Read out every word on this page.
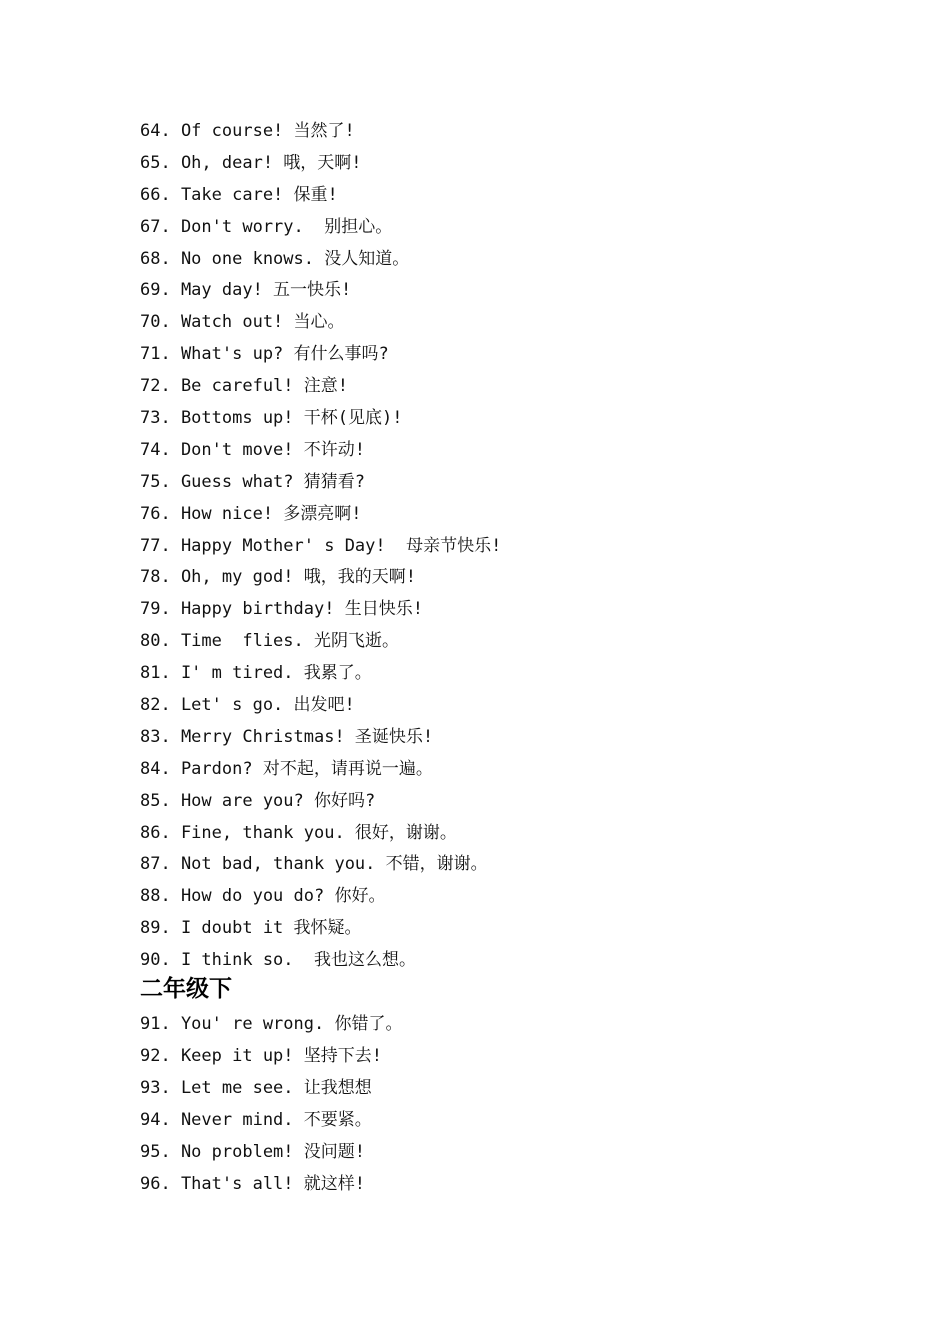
64. Of course! 当然了!
65. Oh, dear! 哦，天啊!
66. Take care! 保重!
67. Don't worry.  别担心。
68. No one knows. 没人知道。
69. May day! 五一快乐!
70. Watch out! 当心。
71. What's up? 有什么事吗?
72. Be careful! 注意!
73. Bottoms up! 干杯(见底)!
74. Don't move! 不许动!
75. Guess what? 猜猜看?
76. How nice! 多漂亮啊!
77. Happy Mother' s Day!  母亲节快乐!
78. Oh, my god! 哦，我的天啊!
79. Happy birthday! 生日快乐!
80. Time  flies. 光阴飞逝。
81. I' m tired. 我累了。
82. Let' s go. 出发吧!
83. Merry Christmas! 圣诞快乐!
84. Pardon? 对不起，请再说一遍。
85. How are you? 你好吗?
86. Fine, thank you. 很好，谢谢。
87. Not bad, thank you. 不错，谢谢。
88. How do you do? 你好。
89. I doubt it 我怀疑。
90. I think so.  我也这么想。
二年级下
91. You' re wrong. 你错了。
92. Keep it up! 坚持下去!
93. Let me see. 让我想想
94. Never mind. 不要紧。
95. No problem! 没问题!
96. That's all! 就这样!
